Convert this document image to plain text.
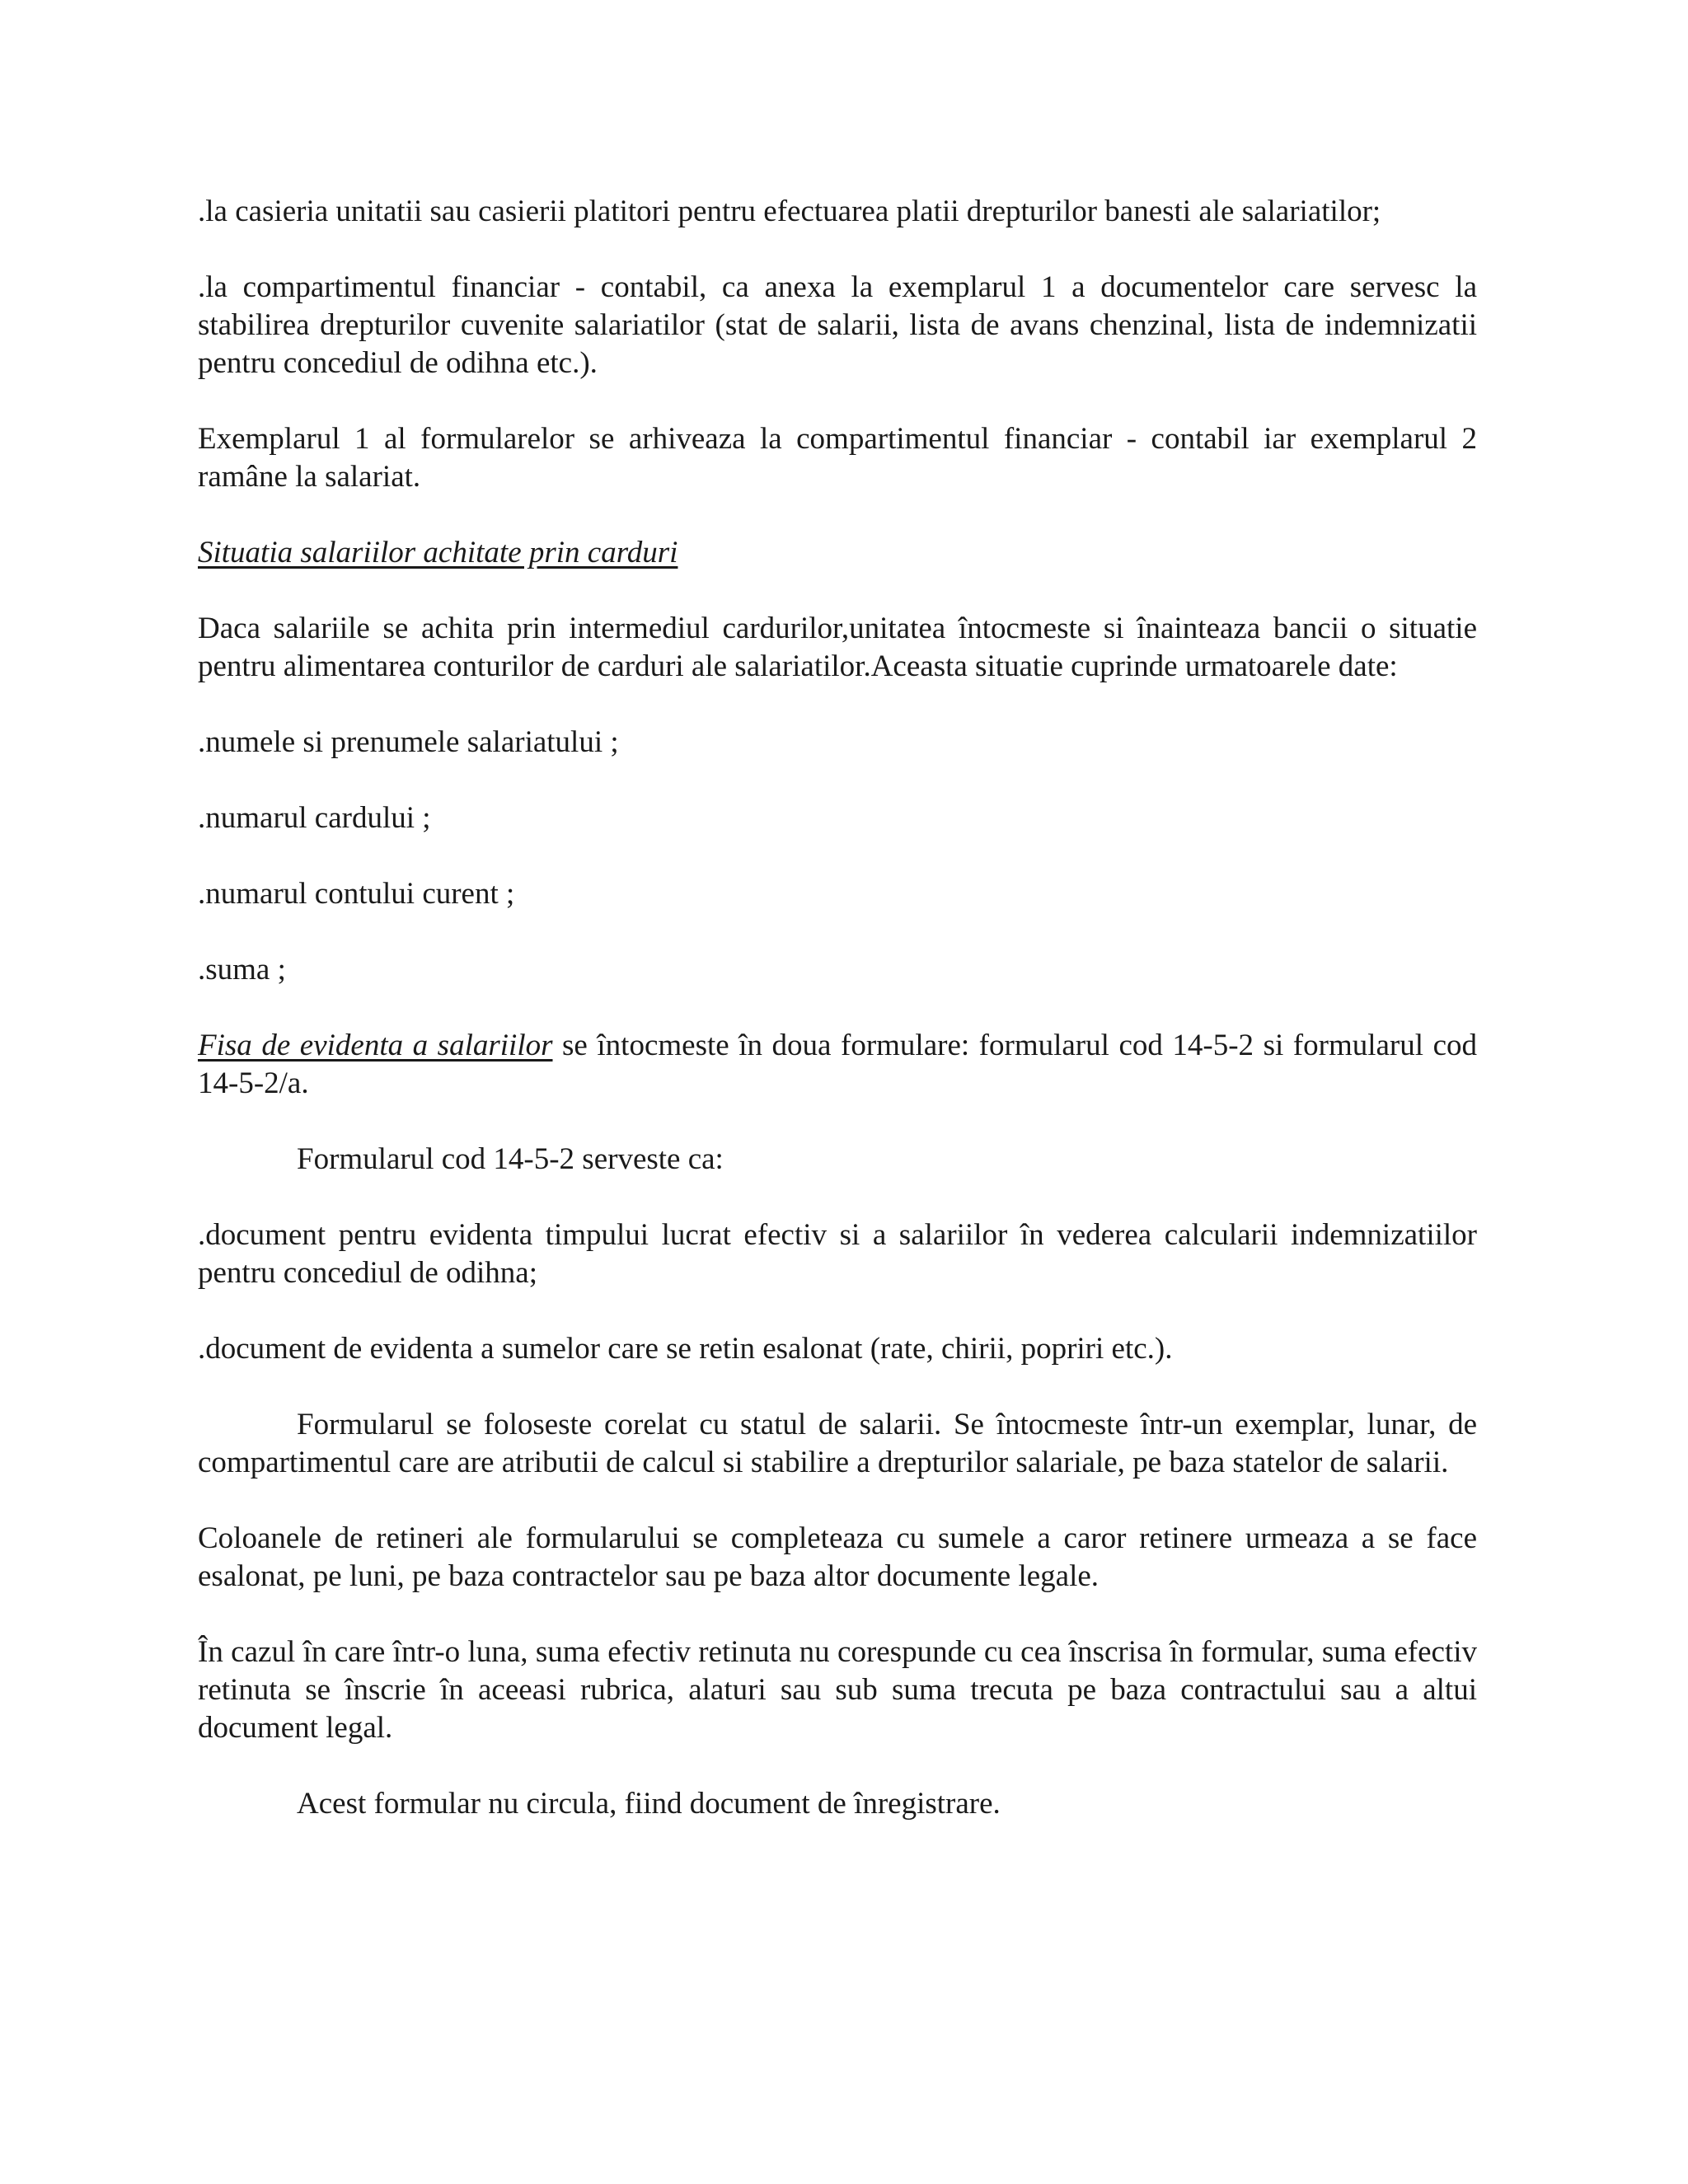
.la casieria unitatii sau casierii platitori pentru efectuarea platii drepturilor banesti ale salariatilor;

.la compartimentul financiar - contabil, ca anexa la exemplarul 1 a documentelor care servesc la stabilirea drepturilor cuvenite salariatilor (stat de salarii, lista de avans chenzinal, lista de indemnizatii pentru concediul de odihna etc.).

Exemplarul 1 al formularelor se arhiveaza la compartimentul financiar - contabil iar exemplarul 2 ramâne la salariat.

Situatia salariilor achitate prin carduri

Daca salariile se achita prin intermediul cardurilor,unitatea întocmeste si înainteaza bancii o situatie pentru alimentarea conturilor de carduri ale salariatilor.Aceasta situatie cuprinde urmatoarele date:

.numele si prenumele salariatului ;

.numarul cardului ;

.numarul contului curent ;

.suma ;

Fisa de evidenta a salariilor se întocmeste în doua formulare: formularul cod 14-5-2 si formularul cod 14-5-2/a.

Formularul cod 14-5-2 serveste ca:

.document pentru evidenta timpului lucrat efectiv si a salariilor în vederea calcularii indemnizatiilor pentru concediul de odihna;

.document de evidenta a sumelor care se retin esalonat (rate, chirii, popriri etc.).

Formularul se foloseste corelat cu statul de salarii. Se întocmeste într-un exemplar, lunar, de compartimentul care are atributii de calcul si stabilire a drepturilor salariale, pe baza statelor de salarii.

Coloanele de retineri ale formularului se completeaza cu sumele a caror retinere urmeaza a se face esalonat, pe luni, pe baza contractelor sau pe baza altor documente legale.

În cazul în care într-o luna, suma efectiv retinuta nu corespunde cu cea înscrisa în formular, suma efectiv retinuta se înscrie în aceeasi rubrica, alaturi sau sub suma trecuta pe baza contractului sau a altui document legal.

Acest formular nu circula, fiind document de înregistrare.
